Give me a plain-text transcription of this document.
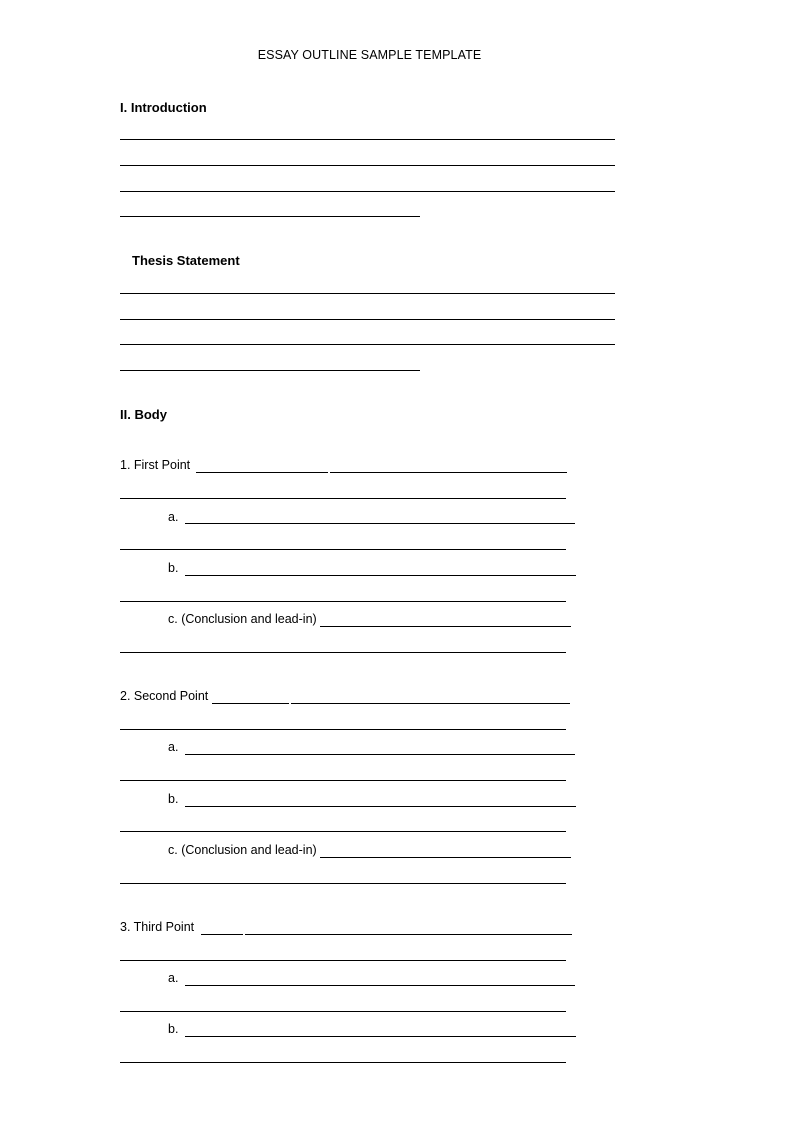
ESSAY OUTLINE SAMPLE TEMPLATE
I. Introduction
Thesis Statement
II. Body
1. First Point
a.
b.
c. (Conclusion and lead-in)
2. Second Point
a.
b.
c. (Conclusion and lead-in)
3. Third Point
a.
b.
